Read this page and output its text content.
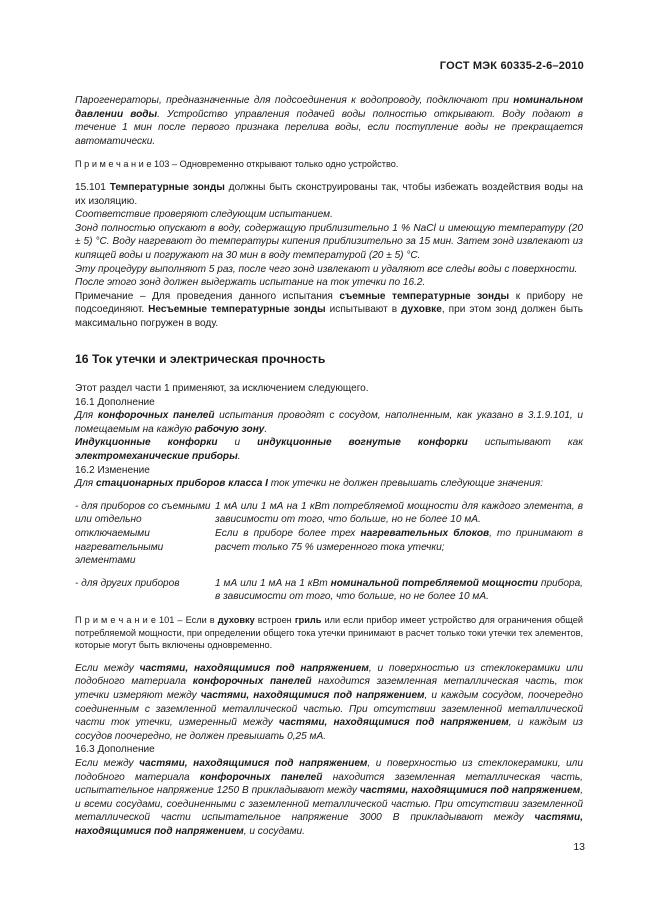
ГОСТ МЭК 60335-2-6–2010

Парогенераторы, предназначенные для подсоединения к водопроводу, подключают при номинальном давлении воды. Устройство управления подачей воды полностью открывают. Воду подают в течение 1 мин после первого признака перелива воды, если поступление воды не прекращается автоматически.

П р и м е ч а н и е 103 – Одновременно открывают только одно устройство.

15.101 Температурные зонды должны быть сконструированы так, чтобы избежать воздействия воды на их изоляцию.

Соответствие проверяют следующим испытанием.

Зонд полностью опускают в воду, содержащую приблизительно 1 % NaCl и имеющую температуру (20 ± 5) °С. Воду нагревают до температуры кипения приблизительно за 15 мин. Затем зонд извлекают из кипящей воды и погружают на 30 мин в воду температурой (20 ± 5) °С.

Эту процедуру выполняют 5 раз, после чего зонд извлекают и удаляют все следы воды с поверхности.

После этого зонд должен выдержать испытание на ток утечки по 16.2.

Примечание – Для проведения данного испытания съемные температурные зонды к прибору не подсоединяют. Несъемные температурные зонды испытывают в духовке, при этом зонд должен быть максимально погружен в воду.

16 Ток утечки и электрическая прочность

Этот раздел части 1 применяют, за исключением следующего.

16.1 Дополнение

Для конфорочных панелей испытания проводят с сосудом, наполненным, как указано в 3.1.9.101, и помещаемым на каждую рабочую зону.

Индукционные конфорки и индукционные вогнутые конфорки испытывают как электромеханические приборы.

16.2 Изменение

Для стационарных приборов класса I ток утечки не должен превышать следующие значения:

- для приборов со съемными или отдельно отключаемыми нагревательными элементами
1 мА или 1 мА на 1 кВт потребляемой мощности для каждого элемента, в зависимости от того, что больше, но не более 10 мА.
Если в приборе более трех нагревательных блоков, то принимают в расчет только 75 % измеренного тока утечки;
- для других приборов	1 мА или 1 мА на 1 кВт номинальной потребляемой мощности прибора, в зависимости от того, что больше, но не более 10 мА.

П р и м е ч а н и е 101 – Если в духовку встроен гриль или если прибор имеет устройство для ограничения общей потребляемой мощности, при определении общего тока утечки принимают в расчет только токи утечки тех элементов, которые могут быть включены одновременно.

Если между частями, находящимися под напряжением, и поверхностью из стеклокерамики или подобного материала конфорочных панелей находится заземленная металлическая часть, ток утечки измеряют между частями, находящимися под напряжением, и каждым сосудом, поочередно соединенным с заземленной металлической частью. При отсутствии заземленной металлической части ток утечки, измеренный между частями, находящимися под напряжением, и каждым из сосудов поочередно, не должен превышать 0,25 мА.

16.3 Дополнение

Если между частями, находящимися под напряжением, и поверхностью из стеклокерамики, или подобного материала конфорочных панелей находится заземленная металлическая часть, испытательное напряжение 1250 В прикладывают между частями, находящимися под напряжением, и всеми сосудами, соединенными с заземленной металлической частью. При отсутствии заземленной металлической части испытательное напряжение 3000 В прикладывают между частями, находящимися под напряжением, и сосудами.

13
